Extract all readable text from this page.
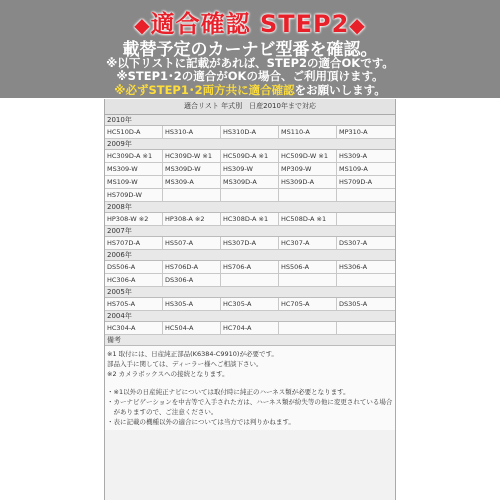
◆適合確認 STEP2◆
載替予定のカーナビ型番を確認。
※以下リストに記載があれば、STEP2の適合OKです。
※STEP1･2の適合がOKの場合、ご利用頂けます。
※必ずSTEP1･2両方共に適合確認をお願いします。
適合リスト 年式別　日産2010年まで対応
2010年
HC510D-A	HS310-A	HS310D-A	MS110-A	MP310-A
2009年
HC309D-A ※1	HC309D-W ※1	HC509D-A ※1	HC509D-W ※1	HS309-A
MS309-W	MS309D-W	HS309-W	MP309-W	MS109-A
MS109-W	MS309-A	MS309D-A	HS309D-A	HS709D-A
HS709D-W
2008年
HP308-W ※2	HP308-A ※2	HC308D-A ※1	HC508D-A ※1
2007年
HS707D-A	HS507-A	HS307D-A	HC307-A	DS307-A
2006年
DS506-A	HS706D-A	HS706-A	HS506-A	HS306-A
HC306-A	DS306-A
2005年
HS705-A	HS305-A	HC305-A	HC705-A	DS305-A
2004年
HC304-A	HC504-A	HC704-A
備考
※1 取付には、日産純正部品(K6384-C9910)が必要です。
部品入手に関しては、ディーラー様へご相談下さい。
※2 カメラボックスへの接続となります。
・※1以外の日産純正ナビについては取付時に純正のハーネス類が必要となります。
・カーナビゲーションを中古等で入手された方は、ハーネス類が紛失等の他に変更されている場合
　がありますので、ご注意ください。
・表に記載の機種以外の適合については当方では判りかねます。
